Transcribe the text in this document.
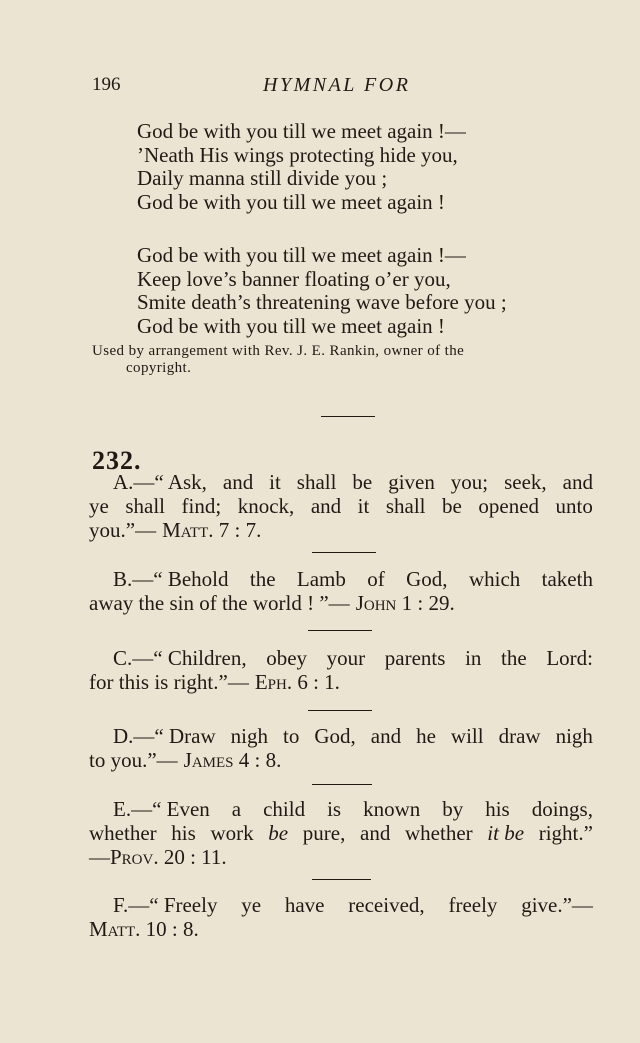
196	HYMNAL FOR
God be with you till we meet again !—
’Neath His wings protecting hide you,
Daily manna still divide you ;
God be with you till we meet again !
God be with you till we meet again !—
Keep love’s banner floating o’er you,
Smite death’s threatening wave before you ;
God be with you till we meet again !
Used by arrangement with Rev. J. E. Rankin, owner of the
copyright.
232.
A.—“ Ask, and it shall be given you; seek, and
ye shall find; knock, and it shall be opened unto
you.”— Matt. 7 : 7.
B.—“ Behold the Lamb of God, which taketh
away the sin of the world ! ”— John 1 : 29.
C.—“ Children, obey your parents in the Lord:
for this is right.”— Eph. 6 : 1.
D.—“ Draw nigh to God, and he will draw nigh
to you.”— James 4 : 8.
E.—“ Even a child is known by his doings,
whether his work be pure, and whether it be right.”
— Prov. 20 : 11.
F.—“ Freely ye have received, freely give.”—
Matt. 10 : 8.
